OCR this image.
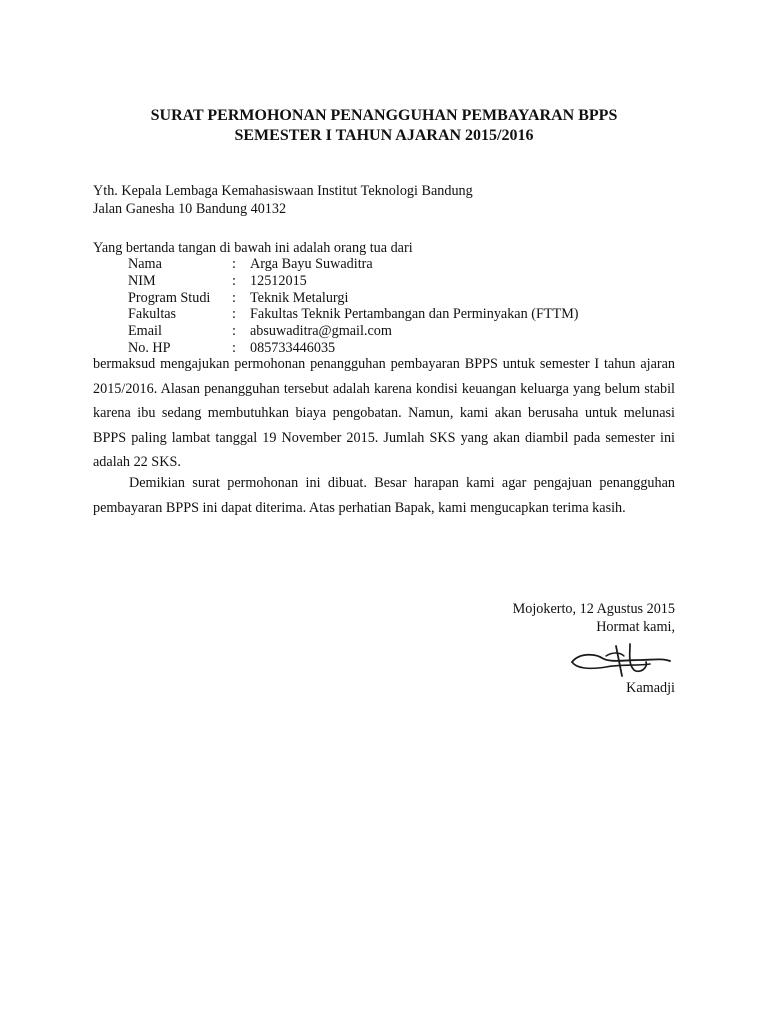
SURAT PERMOHONAN PENANGGUHAN PEMBAYARAN BPPS
SEMESTER I TAHUN AJARAN 2015/2016
Yth. Kepala Lembaga Kemahasiswaan Institut Teknologi Bandung
Jalan Ganesha 10 Bandung 40132
Yang bertanda tangan di bawah ini adalah orang tua dari
Nama	: Arga Bayu Suwaditra
NIM	: 12512015
Program Studi : Teknik Metalurgi
Fakultas	: Fakultas Teknik Pertambangan dan Perminyakan (FTTM)
Email	: absuwaditra@gmail.com
No. HP	: 085733446035
bermaksud mengajukan permohonan penangguhan pembayaran BPPS untuk semester I tahun ajaran 2015/2016. Alasan penangguhan tersebut adalah karena kondisi keuangan keluarga yang belum stabil karena ibu sedang membutuhkan biaya pengobatan. Namun, kami akan berusaha untuk melunasi BPPS paling lambat tanggal 19 November 2015. Jumlah SKS yang akan diambil pada semester ini adalah 22 SKS.
Demikian surat permohonan ini dibuat. Besar harapan kami agar pengajuan penangguhan pembayaran BPPS ini dapat diterima. Atas perhatian Bapak, kami mengucapkan terima kasih.
Mojokerto, 12 Agustus 2015
Hormat kami,
Kamadji
